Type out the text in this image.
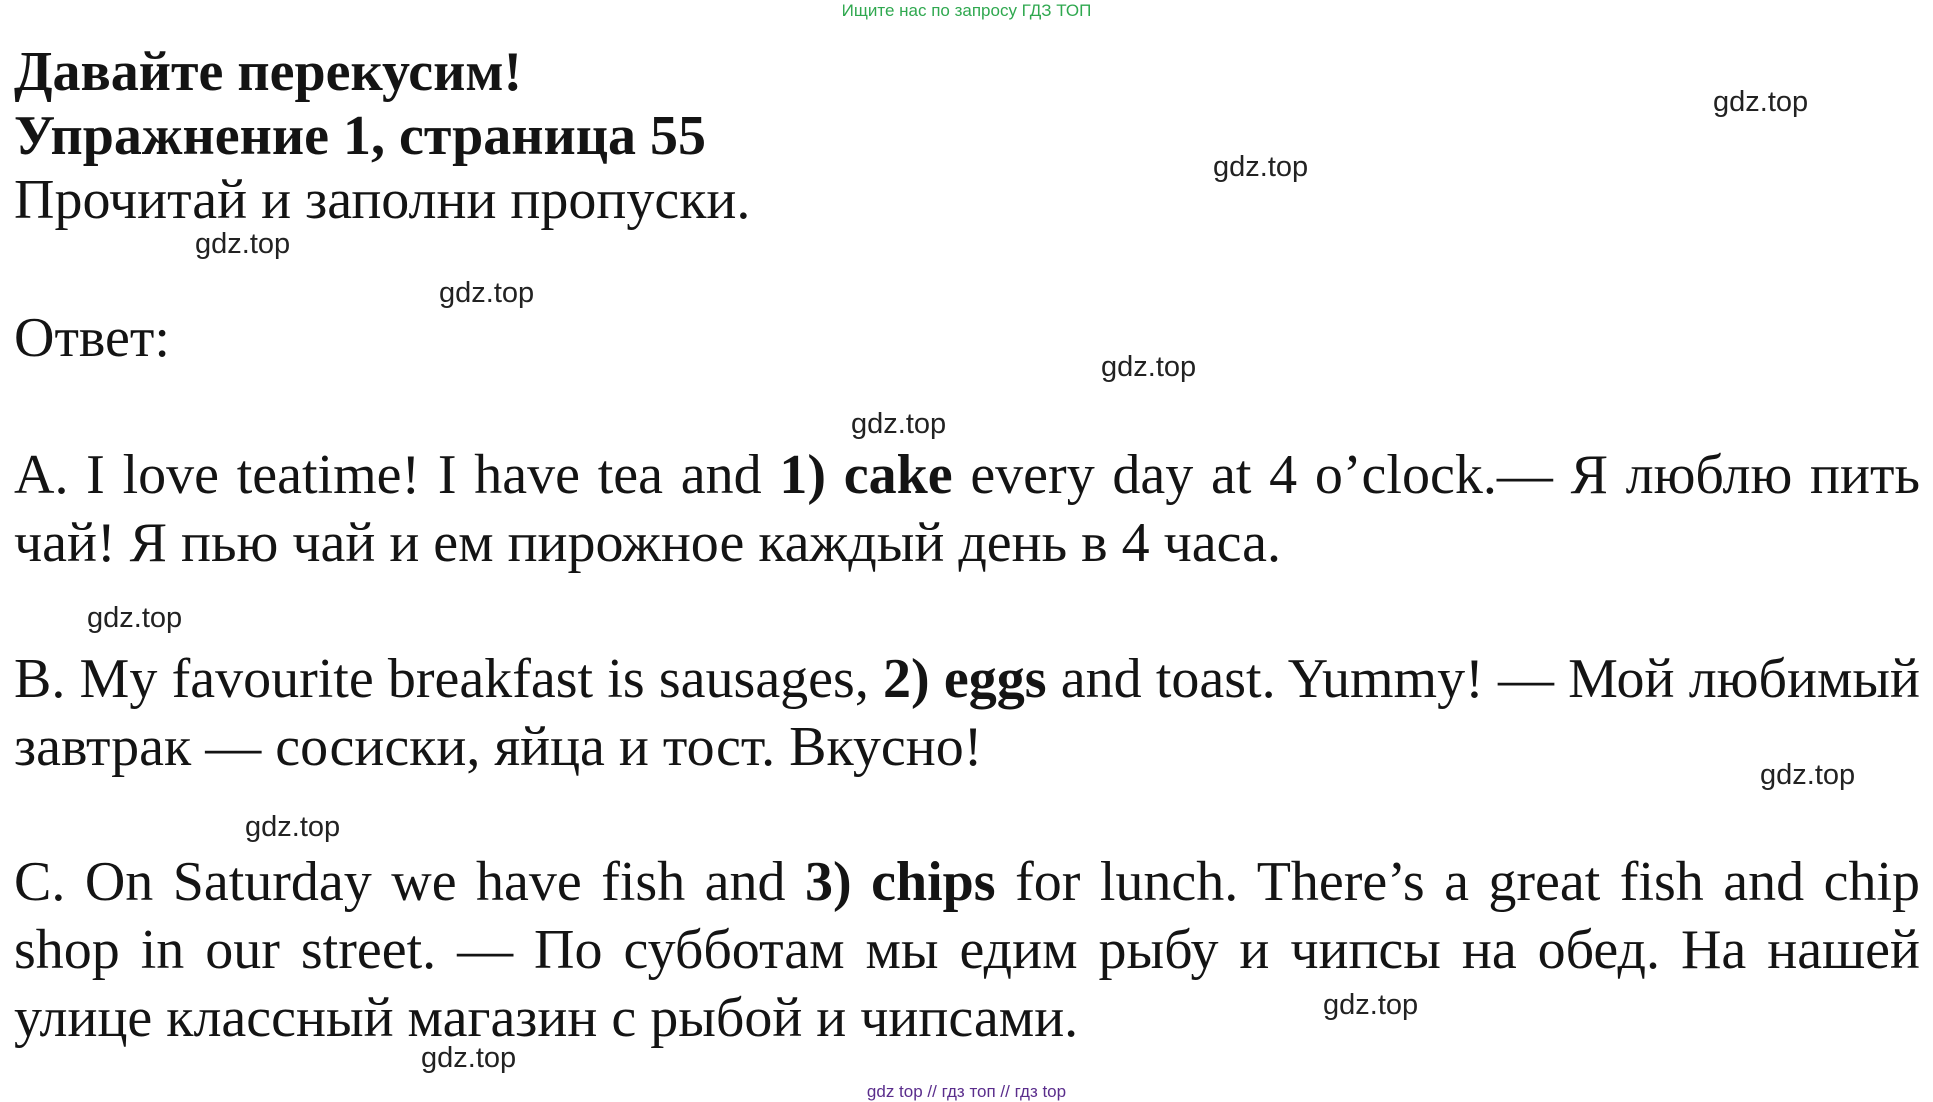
Ищите нас по запросу ГДЗ ТОП
Давайте перекусим!
Упражнение 1, страница 55
Прочитай и заполни пропуски.
Ответ:
A. I love teatime! I have tea and 1) cake every day at 4 o’clock.— Я люблю пить чай! Я пью чай и ем пирожное каждый день в 4 часа.
B. My favourite breakfast is sausages, 2) eggs and toast. Yummy! — Мой любимый завтрак — сосиски, яйца и тост. Вкусно!
C. On Saturday we have fish and 3) chips for lunch. There’s a great fish and chip shop in our street. — По субботам мы едим рыбу и чипсы на обед. На нашей улице классный магазин с рыбой и чипсами.
gdz.top
gdz.top
gdz.top
gdz.top
gdz.top
gdz.top
gdz.top
gdz.top
gdz.top
gdz.top
gdz.top
gdz top // гдз топ // гдз top
